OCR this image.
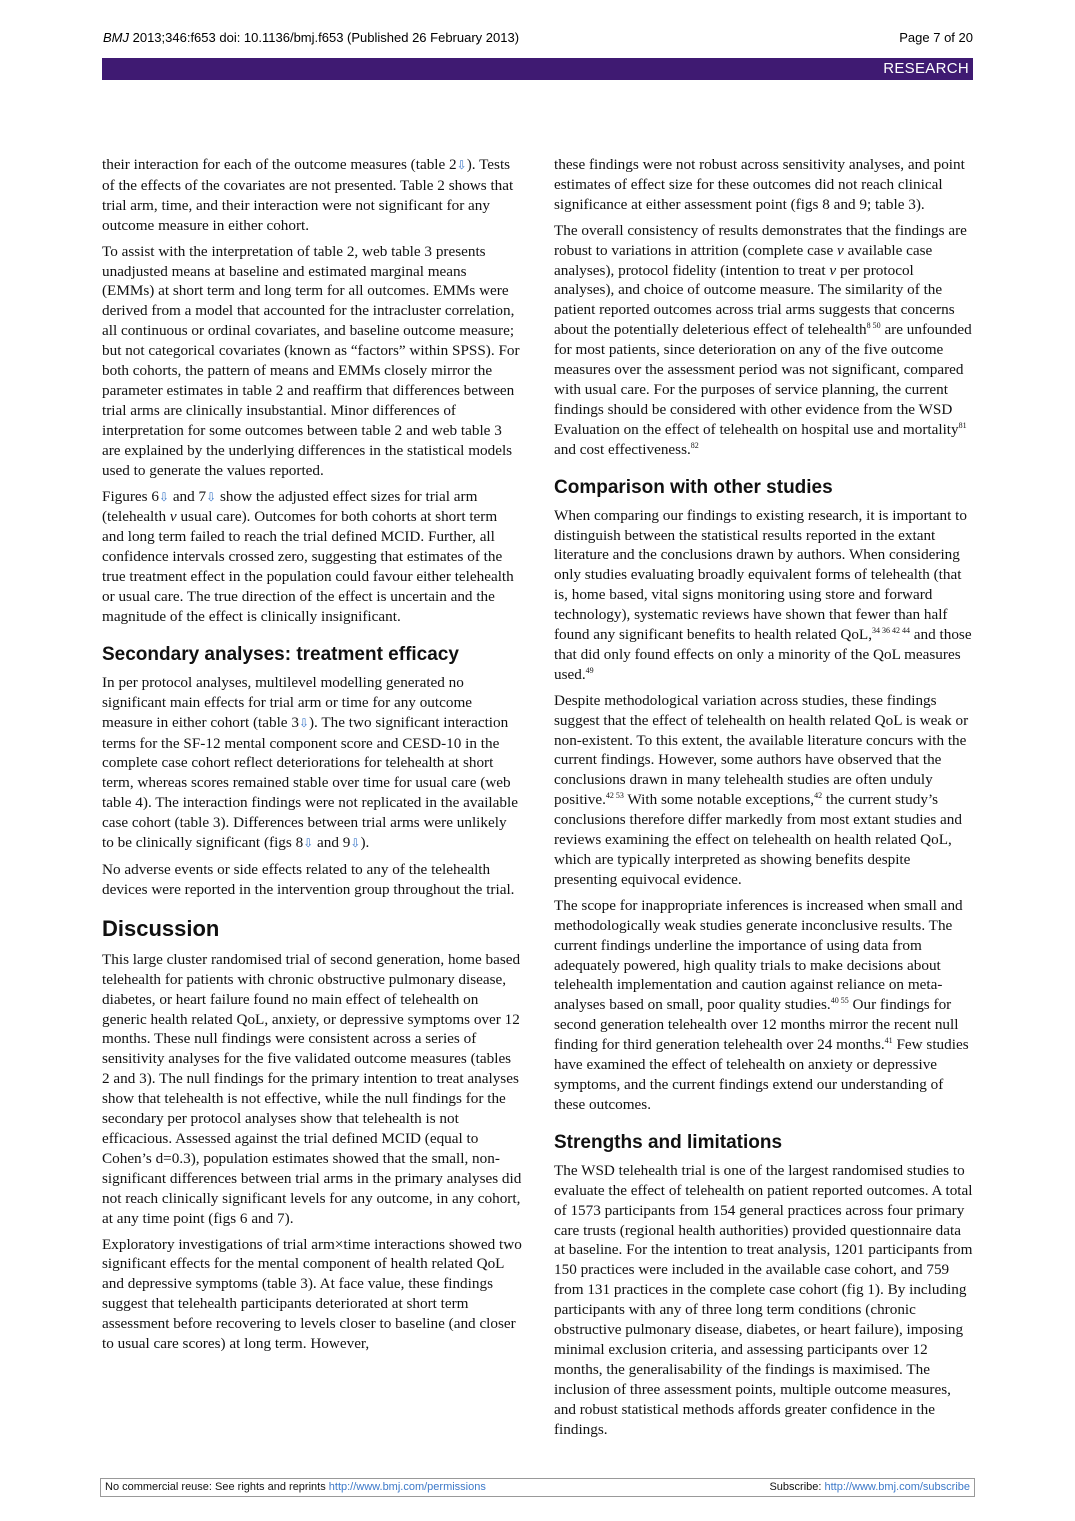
BMJ 2013;346:f653 doi: 10.1136/bmj.f653 (Published 26 February 2013)	Page 7 of 20
RESEARCH

their interaction for each of the outcome measures (table 2⇩). Tests of the effects of the covariates are not presented. Table 2 shows that trial arm, time, and their interaction were not significant for any outcome measure in either cohort.

To assist with the interpretation of table 2, web table 3 presents unadjusted means at baseline and estimated marginal means (EMMs) at short term and long term for all outcomes. EMMs were derived from a model that accounted for the intracluster correlation, all continuous or ordinal covariates, and baseline outcome measure; but not categorical covariates (known as “factors” within SPSS). For both cohorts, the pattern of means and EMMs closely mirror the parameter estimates in table 2 and reaffirm that differences between trial arms are clinically insubstantial. Minor differences of interpretation for some outcomes between table 2 and web table 3 are explained by the underlying differences in the statistical models used to generate the values reported.

Figures 6⇩ and 7⇩ show the adjusted effect sizes for trial arm (telehealth v usual care). Outcomes for both cohorts at short term and long term failed to reach the trial defined MCID. Further, all confidence intervals crossed zero, suggesting that estimates of the true treatment effect in the population could favour either telehealth or usual care. The true direction of the effect is uncertain and the magnitude of the effect is clinically insignificant.

Secondary analyses: treatment efficacy

In per protocol analyses, multilevel modelling generated no significant main effects for trial arm or time for any outcome measure in either cohort (table 3⇩). The two significant interaction terms for the SF-12 mental component score and CESD-10 in the complete case cohort reflect deteriorations for telehealth at short term, whereas scores remained stable over time for usual care (web table 4). The interaction findings were not replicated in the available case cohort (table 3). Differences between trial arms were unlikely to be clinically significant (figs 8⇩ and 9⇩).

No adverse events or side effects related to any of the telehealth devices were reported in the intervention group throughout the trial.

Discussion

This large cluster randomised trial of second generation, home based telehealth for patients with chronic obstructive pulmonary disease, diabetes, or heart failure found no main effect of telehealth on generic health related QoL, anxiety, or depressive symptoms over 12 months. These null findings were consistent across a series of sensitivity analyses for the five validated outcome measures (tables 2 and 3). The null findings for the primary intention to treat analyses show that telehealth is not effective, while the null findings for the secondary per protocol analyses show that telehealth is not efficacious. Assessed against the trial defined MCID (equal to Cohen’s d=0.3), population estimates showed that the small, non-significant differences between trial arms in the primary analyses did not reach clinically significant levels for any outcome, in any cohort, at any time point (figs 6 and 7).

Exploratory investigations of trial arm×time interactions showed two significant effects for the mental component of health related QoL and depressive symptoms (table 3). At face value, these findings suggest that telehealth participants deteriorated at short term assessment before recovering to levels closer to baseline (and closer to usual care scores) at long term. However,

these findings were not robust across sensitivity analyses, and point estimates of effect size for these outcomes did not reach clinical significance at either assessment point (figs 8 and 9; table 3).

The overall consistency of results demonstrates that the findings are robust to variations in attrition (complete case v available case analyses), protocol fidelity (intention to treat v per protocol analyses), and choice of outcome measure. The similarity of the patient reported outcomes across trial arms suggests that concerns about the potentially deleterious effect of telehealth$^{8 50}$ are unfounded for most patients, since deterioration on any of the five outcome measures over the assessment period was not significant, compared with usual care. For the purposes of service planning, the current findings should be considered with other evidence from the WSD Evaluation on the effect of telehealth on hospital use and mortality$^{81}$ and cost effectiveness.$^{82}$

Comparison with other studies

When comparing our findings to existing research, it is important to distinguish between the statistical results reported in the extant literature and the conclusions drawn by authors. When considering only studies evaluating broadly equivalent forms of telehealth (that is, home based, vital signs monitoring using store and forward technology), systematic reviews have shown that fewer than half found any significant benefits to health related QoL,$^{34 36 42 44}$ and those that did only found effects on only a minority of the QoL measures used.$^{49}$

Despite methodological variation across studies, these findings suggest that the effect of telehealth on health related QoL is weak or non-existent. To this extent, the available literature concurs with the current findings. However, some authors have observed that the conclusions drawn in many telehealth studies are often unduly positive.$^{42 53}$ With some notable exceptions,$^{42}$ the current study’s conclusions therefore differ markedly from most extant studies and reviews examining the effect on telehealth on health related QoL, which are typically interpreted as showing benefits despite presenting equivocal evidence.

The scope for inappropriate inferences is increased when small and methodologically weak studies generate inconclusive results. The current findings underline the importance of using data from adequately powered, high quality trials to make decisions about telehealth implementation and caution against reliance on meta-analyses based on small, poor quality studies.$^{40 55}$ Our findings for second generation telehealth over 12 months mirror the recent null finding for third generation telehealth over 24 months.$^{41}$ Few studies have examined the effect of telehealth on anxiety or depressive symptoms, and the current findings extend our understanding of these outcomes.

Strengths and limitations

The WSD telehealth trial is one of the largest randomised studies to evaluate the effect of telehealth on patient reported outcomes. A total of 1573 participants from 154 general practices across four primary care trusts (regional health authorities) provided questionnaire data at baseline. For the intention to treat analysis, 1201 participants from 150 practices were included in the available case cohort, and 759 from 131 practices in the complete case cohort (fig 1). By including participants with any of three long term conditions (chronic obstructive pulmonary disease, diabetes, or heart failure), imposing minimal exclusion criteria, and assessing participants over 12 months, the generalisability of the findings is maximised. The inclusion of three assessment points, multiple outcome measures, and robust statistical methods affords greater confidence in the findings.

No commercial reuse: See rights and reprints http://www.bmj.com/permissions	Subscribe: http://www.bmj.com/subscribe
